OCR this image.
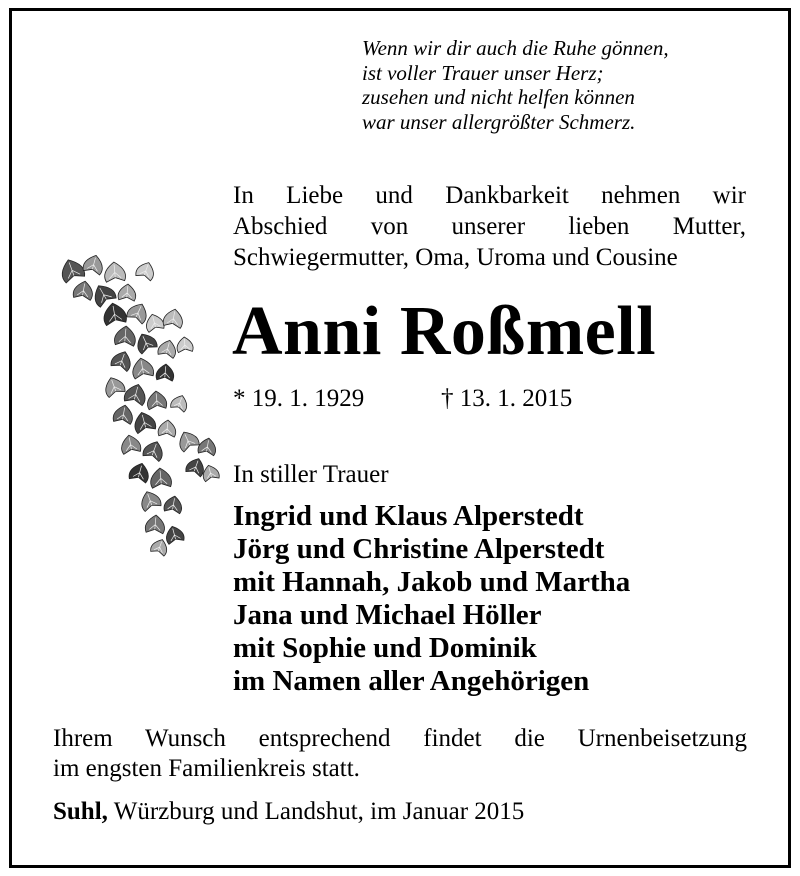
Wenn wir dir auch die Ruhe gönnen,
ist voller Trauer unser Herz;
zusehen und nicht helfen können
war unser allergrößter Schmerz.
In Liebe und Dankbarkeit nehmen wir
Abschied von unserer lieben Mutter,
Schwiegermutter, Oma, Uroma und Cousine
Anni Roßmell
* 19. 1. 1929	† 13. 1. 2015
In stiller Trauer
Ingrid und Klaus Alperstedt
Jörg und Christine Alperstedt
mit Hannah, Jakob und Martha
Jana und Michael Höller
mit Sophie und Dominik
im Namen aller Angehörigen
Ihrem Wunsch entsprechend findet die Urnenbeisetzung
im engsten Familienkreis statt.
Suhl, Würzburg und Landshut, im Januar 2015
